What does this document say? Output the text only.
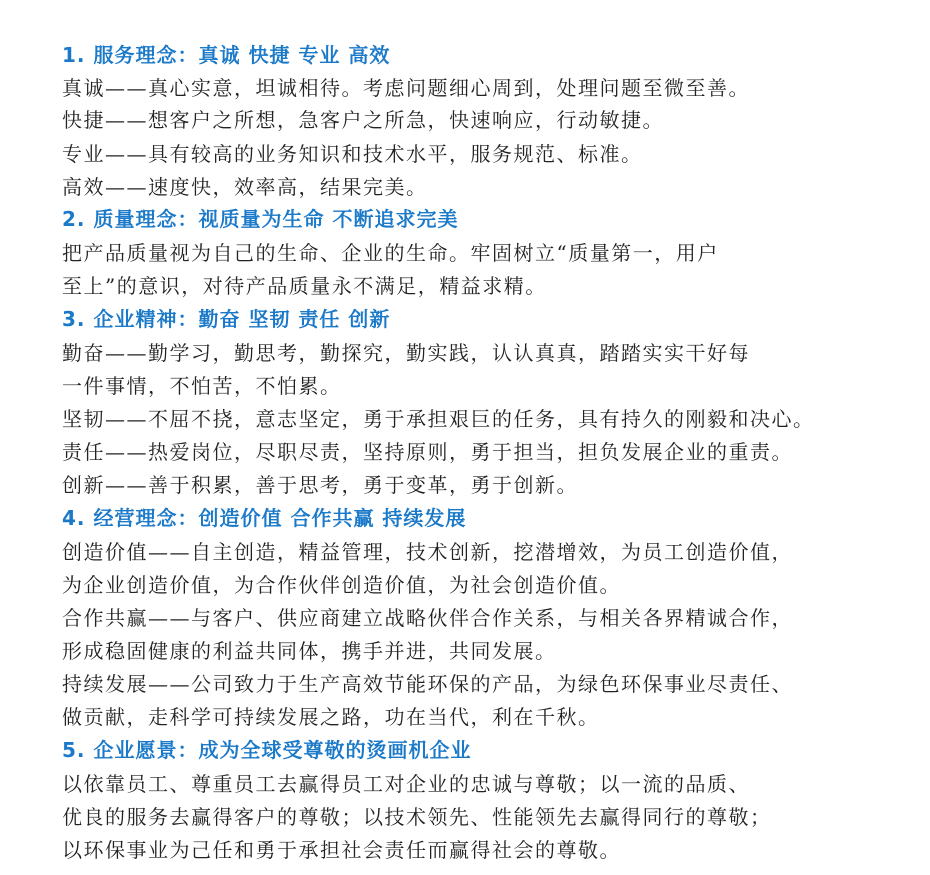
1. 服务理念：真诚 快捷 专业 高效
真诚——真心实意，坦诚相待。考虑问题细心周到，处理问题至微至善。
快捷——想客户之所想，急客户之所急，快速响应，行动敏捷。
专业——具有较高的业务知识和技术水平，服务规范、标准。
高效——速度快，效率高，结果完美。
2. 质量理念：视质量为生命 不断追求完美
把产品质量视为自己的生命、企业的生命。牢固树立“质量第一，用户
至上”的意识，对待产品质量永不满足，精益求精。
3. 企业精神：勤奋 坚韧 责任 创新
勤奋——勤学习，勤思考，勤探究，勤实践，认认真真，踏踏实实干好每
一件事情，不怕苦，不怕累。
坚韧——不屈不挠，意志坚定，勇于承担艰巨的任务，具有持久的刚毅和决心。
责任——热爱岗位，尽职尽责，坚持原则，勇于担当，担负发展企业的重责。
创新——善于积累，善于思考，勇于变革，勇于创新。
4. 经营理念：创造价值 合作共赢 持续发展
创造价值——自主创造，精益管理，技术创新，挖潜增效，为员工创造价值，
为企业创造价值，为合作伙伴创造价值，为社会创造价值。
合作共赢——与客户、供应商建立战略伙伴合作关系，与相关各界精诚合作，
形成稳固健康的利益共同体，携手并进，共同发展。
持续发展——公司致力于生产高效节能环保的产品，为绿色环保事业尽责任、
做贡献，走科学可持续发展之路，功在当代，利在千秋。
5. 企业愿景：成为全球受尊敬的烫画机企业
以依靠员工、尊重员工去赢得员工对企业的忠诚与尊敬；以一流的品质、
优良的服务去赢得客户的尊敬；以技术领先、性能领先去赢得同行的尊敬；
以环保事业为己任和勇于承担社会责任而赢得社会的尊敬。
